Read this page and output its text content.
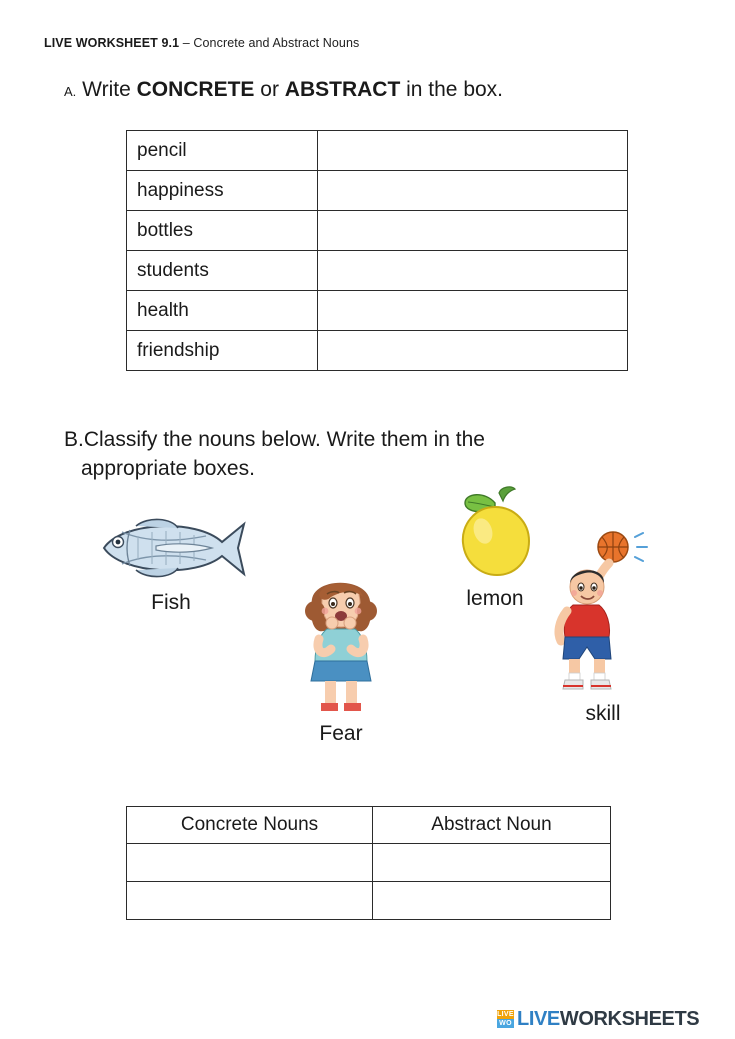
LIVE WORKSHEET 9.1 – Concrete and Abstract Nouns
A. Write CONCRETE or ABSTRACT in the box.
pencil	
happiness	
bottles	
students	
health	
friendship	
B.Classify the nouns below. Write them in the
appropriate boxes.
Fish
Fear
lemon
skill
Concrete Nouns	Abstract Noun

LIVE
WO LIVEWORKSHEETS
